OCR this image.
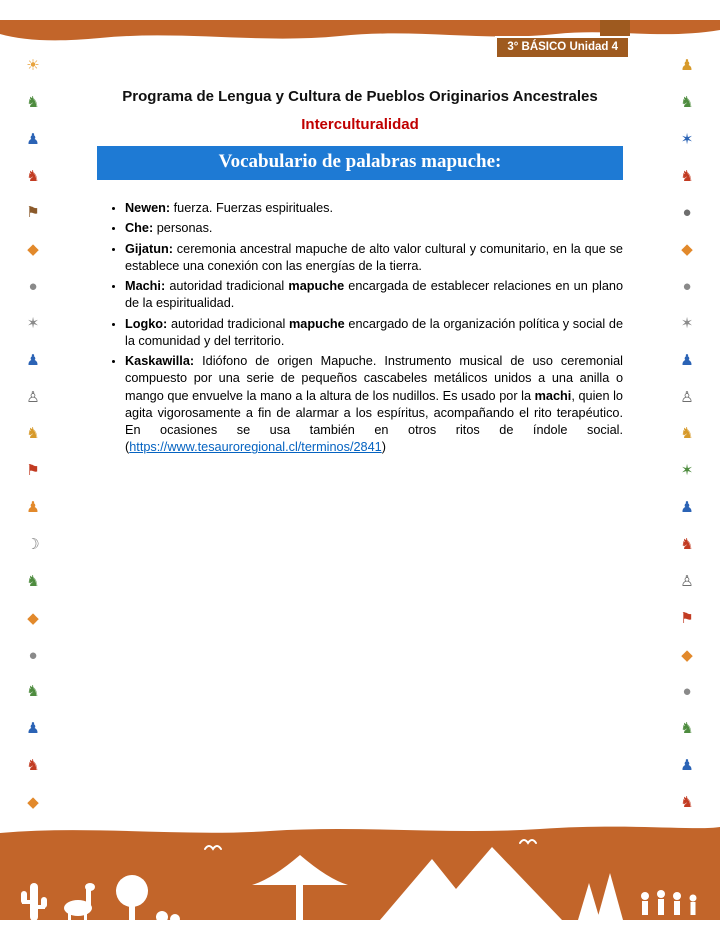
3° BÁSICO Unidad 4
☀
♞
♟
♞
⚑
◆
●
✶
♟
♙
♞
⚑
♟
☽
♞
◆
●
♞
♟
♞
◆
♟
♞
✶
♞
●
◆
●
✶
♟
♙
♞
✶
♟
♞
♙
⚑
◆
●
♞
♟
♞
Programa de Lengua y Cultura de Pueblos Originarios Ancestrales
Interculturalidad
Vocabulario de palabras mapuche:
• Newen: fuerza. Fuerzas espirituales.
• Che: personas.
• Gijatun: ceremonia ancestral mapuche de alto valor cultural y comunitario, en la que se establece una conexión con las energías de la tierra.
• Machi: autoridad tradicional mapuche encargada de establecer relaciones en un plano de la espiritualidad.
• Logko: autoridad tradicional mapuche encargado de la organización política y social de la comunidad y del territorio.
• Kaskawilla: Idiófono de origen Mapuche. Instrumento musical de uso ceremonial compuesto por una serie de pequeños cascabeles metálicos unidos a una anilla o mango que envuelve la mano a la altura de los nudillos. Es usado por la machi, quien lo agita vigorosamente a fin de alarmar a los espíritus, acompañando el rito terapéutico. En ocasiones se usa también en otros ritos de índole social. (https://www.tesauroregional.cl/terminos/2841)
